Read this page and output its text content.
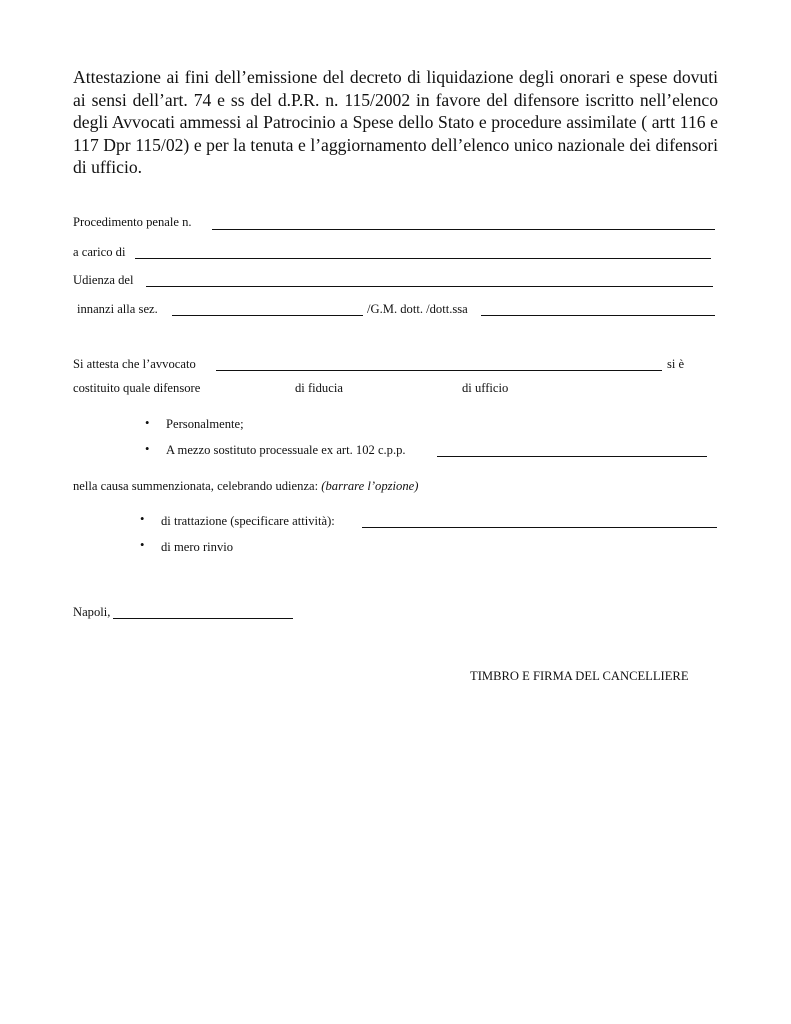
Attestazione ai fini dell’emissione del decreto di liquidazione degli onorari e spese dovuti ai sensi dell’art. 74 e ss del d.P.R. n. 115/2002 in favore del difensore iscritto nell’elenco degli Avvocati ammessi al Patrocinio a Spese dello Stato e procedure assimilate ( artt 116 e 117 Dpr 115/02) e per la tenuta e l’aggiornamento dell’elenco unico nazionale dei difensori di ufficio.

Procedimento penale n.
a carico di
Udienza del
innanzi alla sez.	/G.M. dott. /dott.ssa
Si attesta che l’avvocato	si è
costituito quale difensore	di fiducia	di ufficio
• Personalmente;
• A mezzo sostituto processuale ex art. 102 c.p.p.
nella causa summenzionata, celebrando udienza: (barrare l’opzione)
• di trattazione (specificare attività):
• di mero rinvio
Napoli,
TIMBRO E FIRMA DEL CANCELLIERE
